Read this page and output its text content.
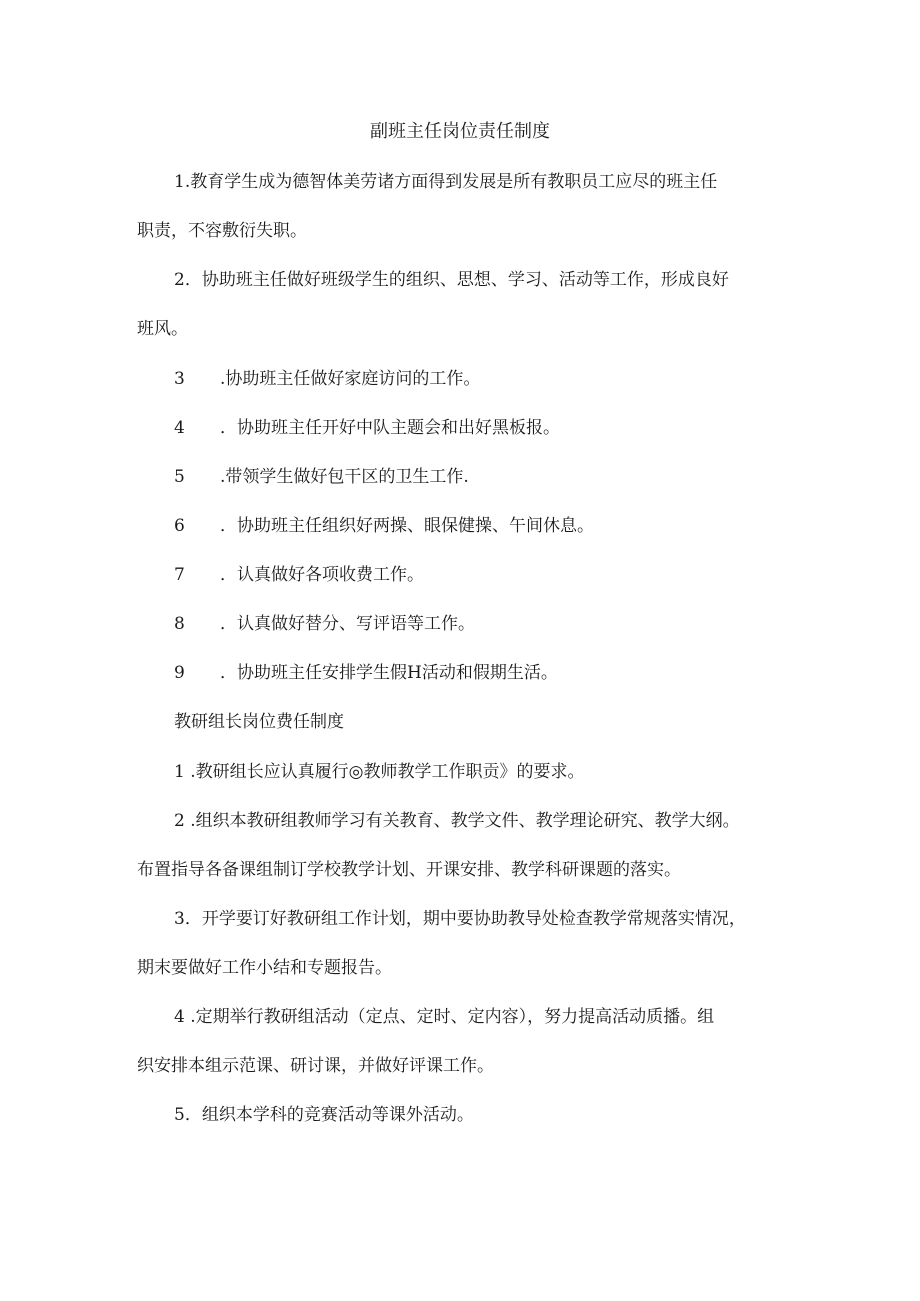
副班主任岗位责任制度
1.教育学生成为德智体美劳诸方面得到发展是所有教职员工应尽的班主任
职责，不容敷衍失职。
2．协助班主任做好班级学生的组织、思想、学习、活动等工作，形成良好
班风。
3 .协助班主任做好家庭访问的工作。
4 ．协助班主任开好中队主题会和出好黑板报。
5 .带领学生做好包干区的卫生工作.
6 ．协助班主任组织好两操、眼保健操、午间休息。
7 ．认真做好各项收费工作。
8 ．认真做好替分、写评语等工作。
9 ．协助班主任安排学生假H活动和假期生活。
教研组长岗位费任制度
1 .教研组长应认真履行◎教师教学工作职贡》的要求。
2 .组织本教研组教师学习有关教育、教学文件、教学理论研究、教学大纲。
布置指导各备课组制订学校教学计划、开课安排、教学科研课题的落实。
3．开学要订好教研组工作计划，期中要协助教导处检查教学常规落实情况，
期末要做好工作小结和专题报告。
4 .定期举行教研组活动（定点、定时、定内容），努力提高活动质播。组
织安排本组示范课、研讨课，并做好评课工作。
5．组织本学科的竞赛活动等课外活动。
